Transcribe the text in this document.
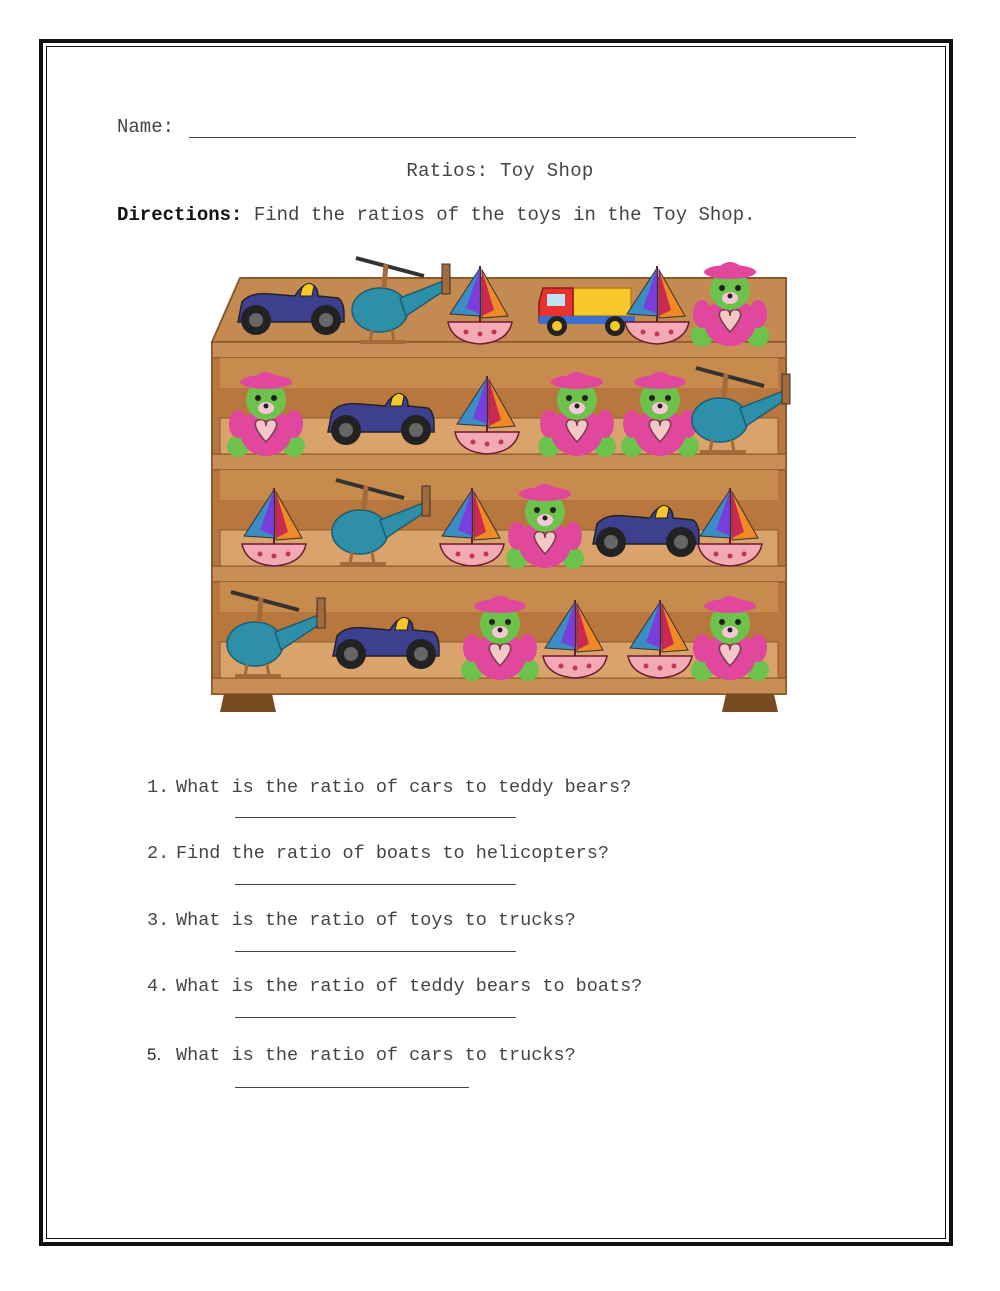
Name:
Ratios: Toy Shop
Directions: Find the ratios of the toys in the Toy Shop.
1. What is the ratio of cars to teddy bears?
2. Find the ratio of boats to helicopters?
3. What is the ratio of toys to trucks?
4. What is the ratio of teddy bears to boats?
5. What is the ratio of cars to trucks?
